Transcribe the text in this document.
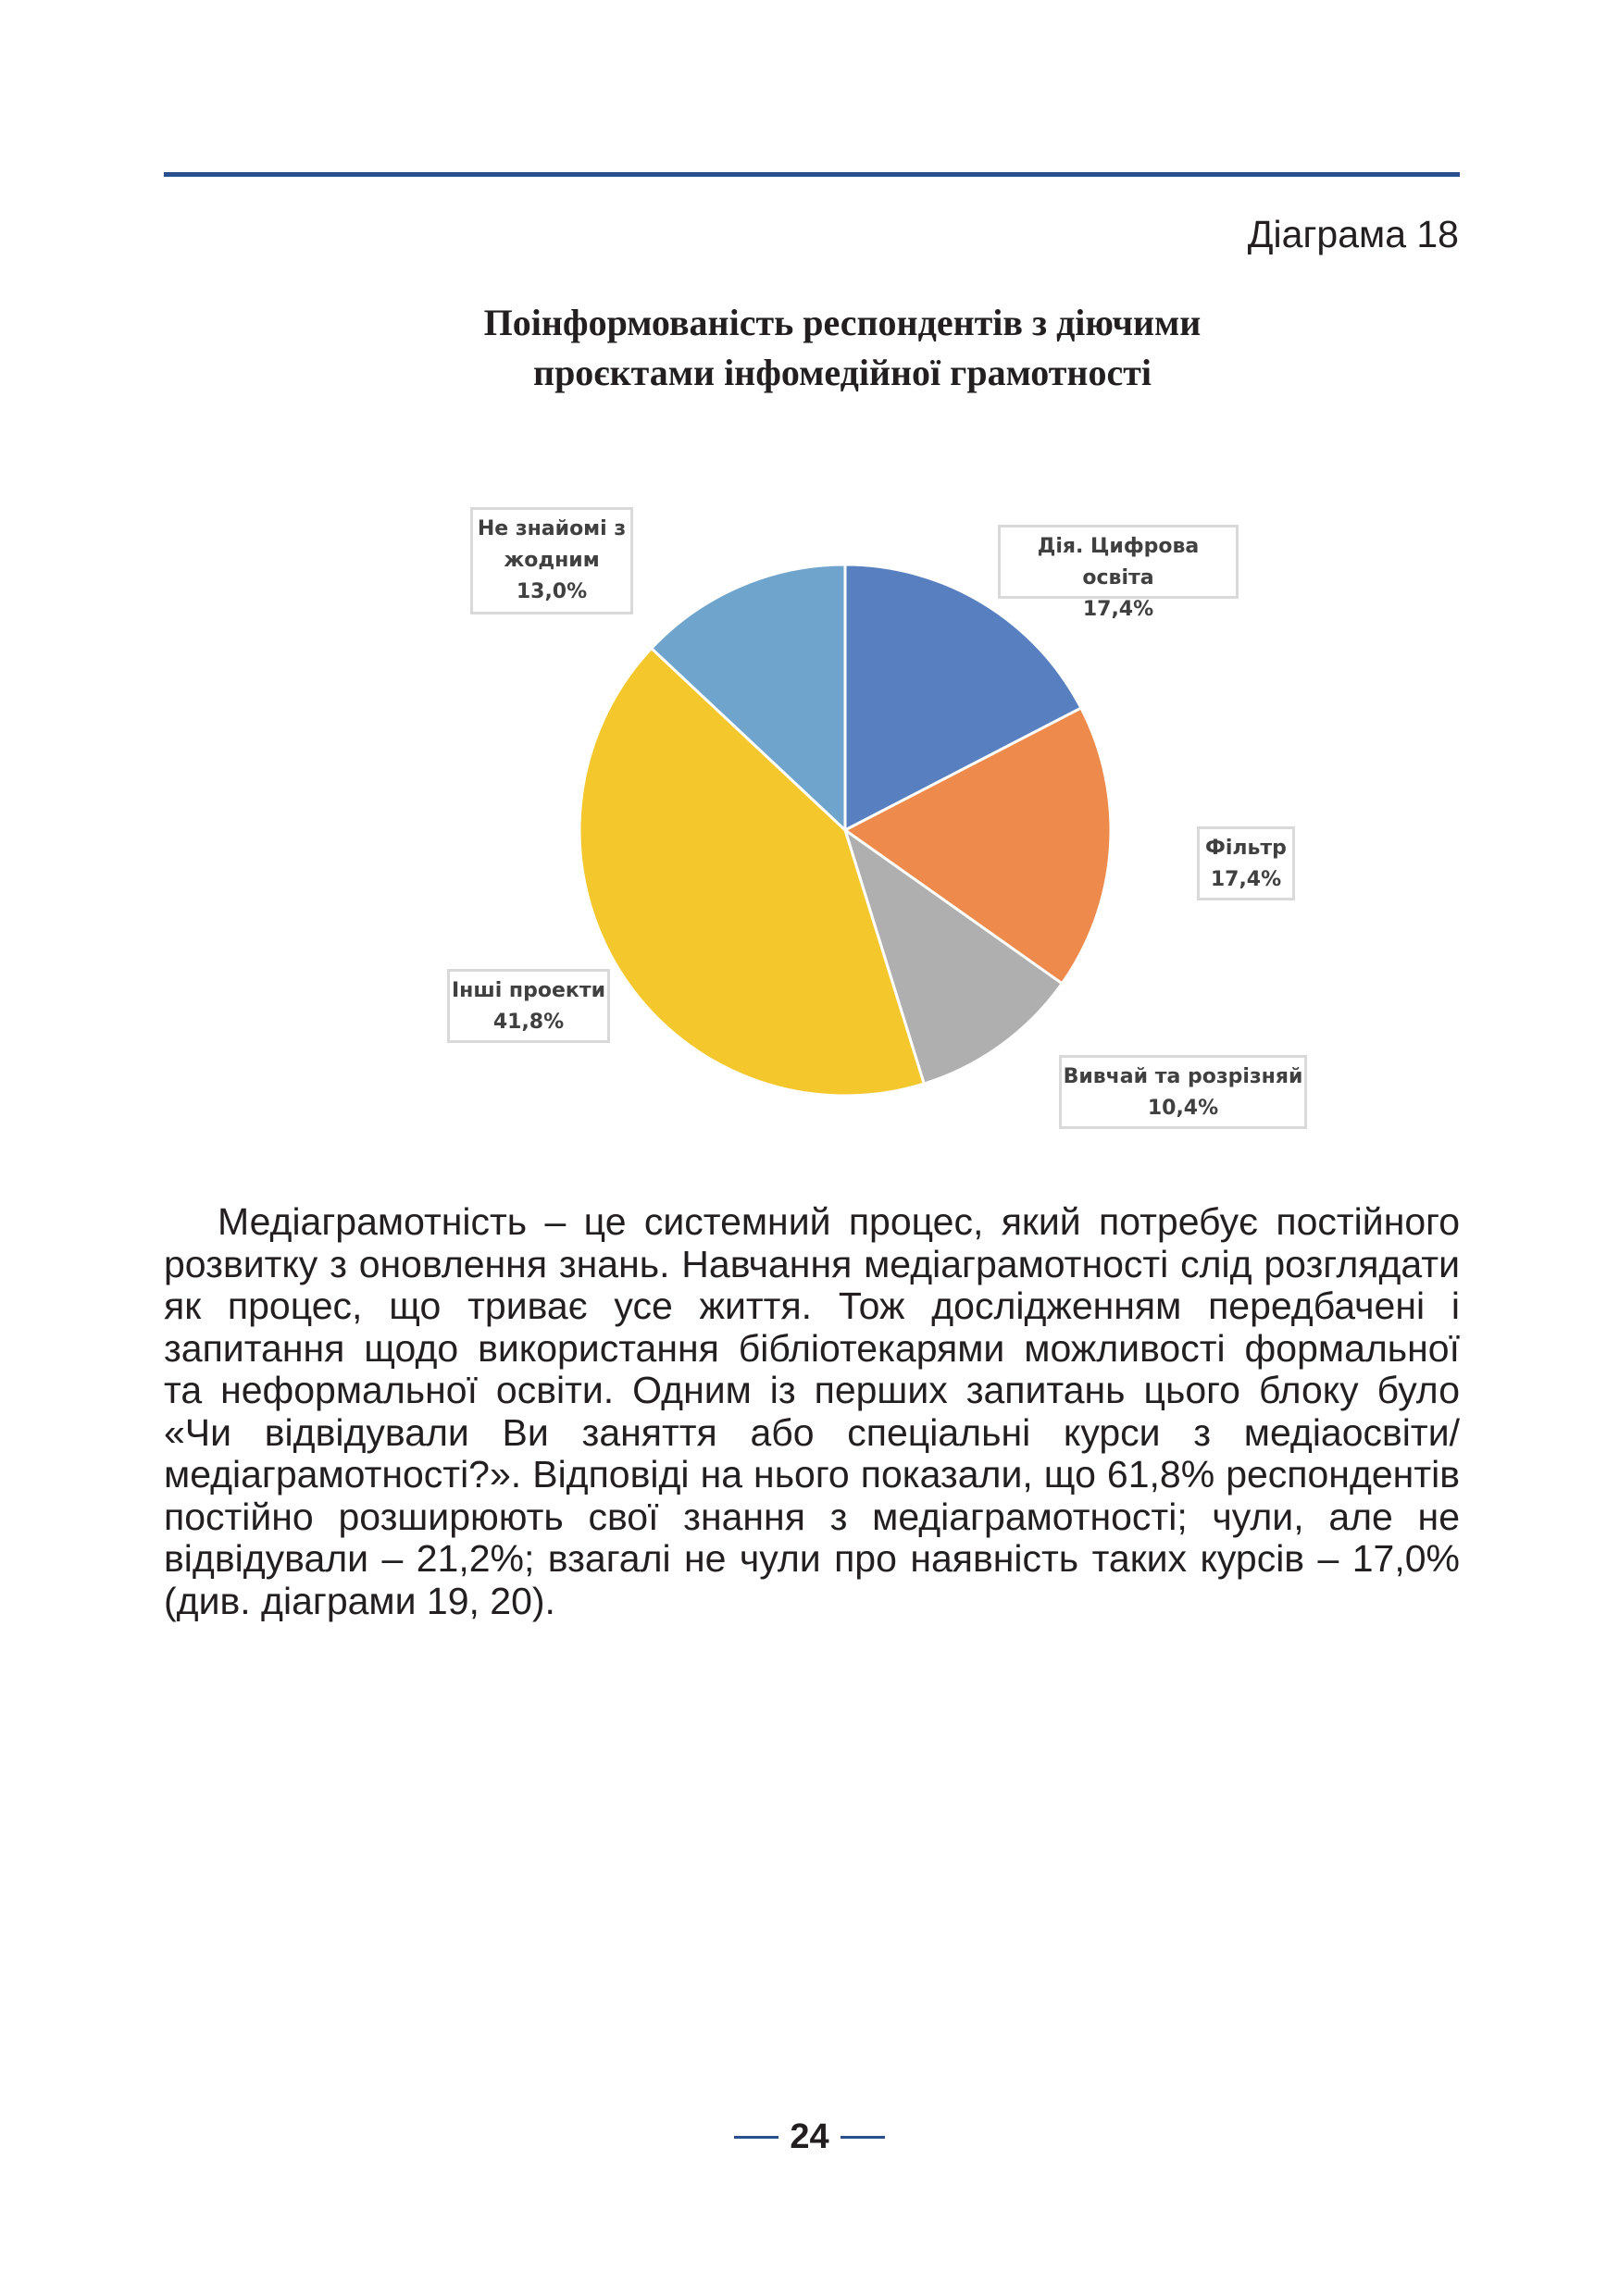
Діаграма 18
Поінформованість респондентів з діючими
проєктами інфомедійної грамотності
Дія. Цифрова освіта
17,4%
Фільтр
17,4%
Вивчай та розрізняй
10,4%
Інші проекти
41,8%
Не знайомі з
жодним
13,0%

Медіаграмотність – це системний процес, який потребує постійного розвитку з оновлення знань. Навчання медіаграмотності слід розглядати як процес, що триває усе життя. Тож дослідженням передбачені і запитання щодо використання бібліотекарями можливості формальної та неформальної освіти. Одним із перших запитань цього блоку було «Чи відвідували Ви заняття або спеціальні курси з медіаосвіти/медіаграмотності?». Відповіді на нього показали, що 61,8% респондентів постійно розширюють свої знання з медіаграмотності; чули, але не відвідували – 21,2%; взагалі не чули про наявність таких курсів – 17,0% (див. діаграми 19, 20).

24
